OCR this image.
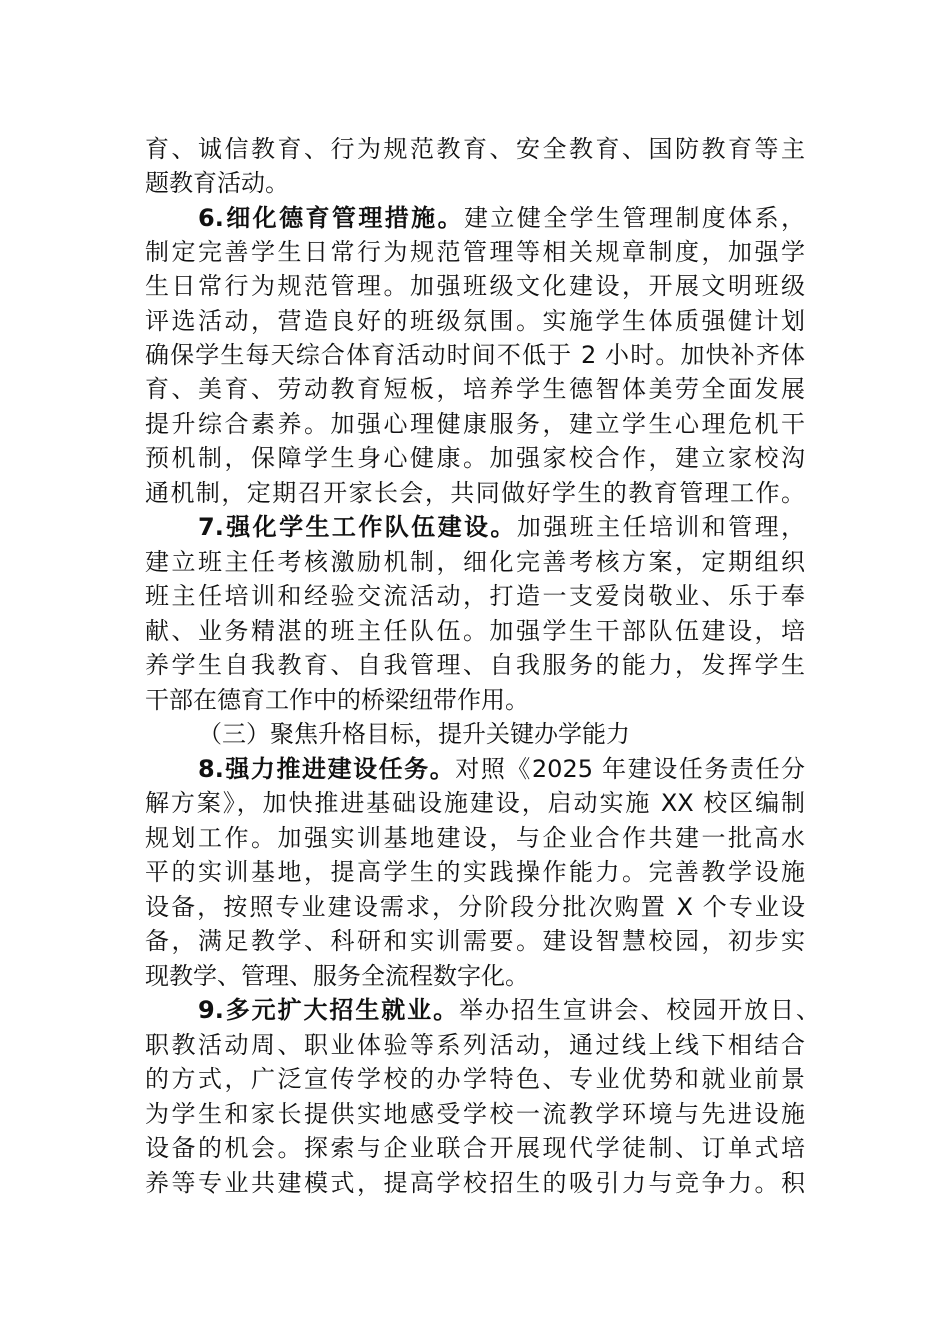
育、诚信教育、行为规范教育、安全教育、国防教育等主
题教育活动。
6.细化德育管理措施。建立健全学生管理制度体系，
制定完善学生日常行为规范管理等相关规章制度，加强学
生日常行为规范管理。加强班级文化建设，开展文明班级
评选活动，营造良好的班级氛围。实施学生体质强健计划
确保学生每天综合体育活动时间不低于 2 小时。加快补齐体
育、美育、劳动教育短板，培养学生德智体美劳全面发展
提升综合素养。加强心理健康服务，建立学生心理危机干
预机制，保障学生身心健康。加强家校合作，建立家校沟
通机制，定期召开家长会，共同做好学生的教育管理工作。
7.强化学生工作队伍建设。加强班主任培训和管理，
建立班主任考核激励机制，细化完善考核方案，定期组织
班主任培训和经验交流活动，打造一支爱岗敬业、乐于奉
献、业务精湛的班主任队伍。加强学生干部队伍建设，培
养学生自我教育、自我管理、自我服务的能力，发挥学生
干部在德育工作中的桥梁纽带作用。
（三）聚焦升格目标，提升关键办学能力
8.强力推进建设任务。对照《2025 年建设任务责任分
解方案》，加快推进基础设施建设，启动实施 XX 校区编制
规划工作。加强实训基地建设，与企业合作共建一批高水
平的实训基地，提高学生的实践操作能力。完善教学设施
设备，按照专业建设需求，分阶段分批次购置 X 个专业设
备，满足教学、科研和实训需要。建设智慧校园，初步实
现教学、管理、服务全流程数字化。
9.多元扩大招生就业。举办招生宣讲会、校园开放日、
职教活动周、职业体验等系列活动，通过线上线下相结合
的方式，广泛宣传学校的办学特色、专业优势和就业前景
为学生和家长提供实地感受学校一流教学环境与先进设施
设备的机会。探索与企业联合开展现代学徒制、订单式培
养等专业共建模式，提高学校招生的吸引力与竞争力。积
